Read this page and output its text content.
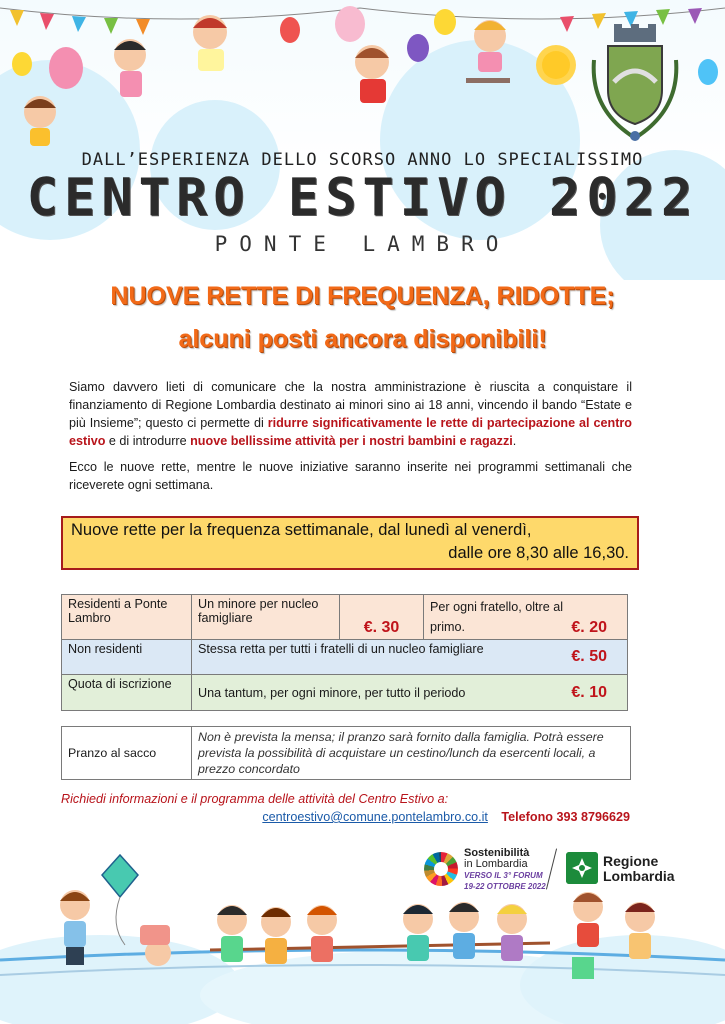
DALL’ESPERIENZA DELLO SCORSO ANNO LO SPECIALISSIMO
CENTRO ESTIVO 2022
PONTE LAMBRO
NUOVE RETTE DI FREQUENZA, RIDOTTE;
alcuni posti ancora disponibili!

Siamo davvero lieti di comunicare che la nostra amministrazione è riuscita a conquistare il finanziamento di Regione Lombardia destinato ai minori sino ai 18 anni, vincendo il bando “Estate e più Insieme”; questo ci permette di ridurre significativamente le rette di partecipazione al centro estivo e di introdurre nuove bellissime attività per i nostri bambini e ragazzi.

Ecco le nuove rette, mentre le nuove iniziative saranno inserite nei programmi settimanali che riceverete ogni settimana.

Nuove rette per la frequenza settimanale, dal lunedì al venerdì,
dalle ore 8,30 alle 16,30.
Residenti a Ponte Lambro	Un minore per nucleo famigliare	€. 30	Per ogni fratello, oltre al primo. €. 20

Non residenti	Stessa retta per tutti i fratelli di un nucleo famigliare €. 50		

Quota di iscrizione	Una tantum, per ogni minore, per tutto il periodo €. 10		
Pranzo al sacco	Non è prevista la mensa; il pranzo sarà fornito dalla famiglia. Potrà essere prevista la possibilità di acquistare un cestino/lunch da esercenti locali, a prezzo concordato
Richiedi informazioni e il programma delle attività del Centro Estivo a:
centroestivo@comune.pontelambro.co.it Telefono 393 8796629
Sostenibilità
in Lombardia
VERSO IL 3° FORUM
19-22 OTTOBRE 2022
Regione
Lombardia
